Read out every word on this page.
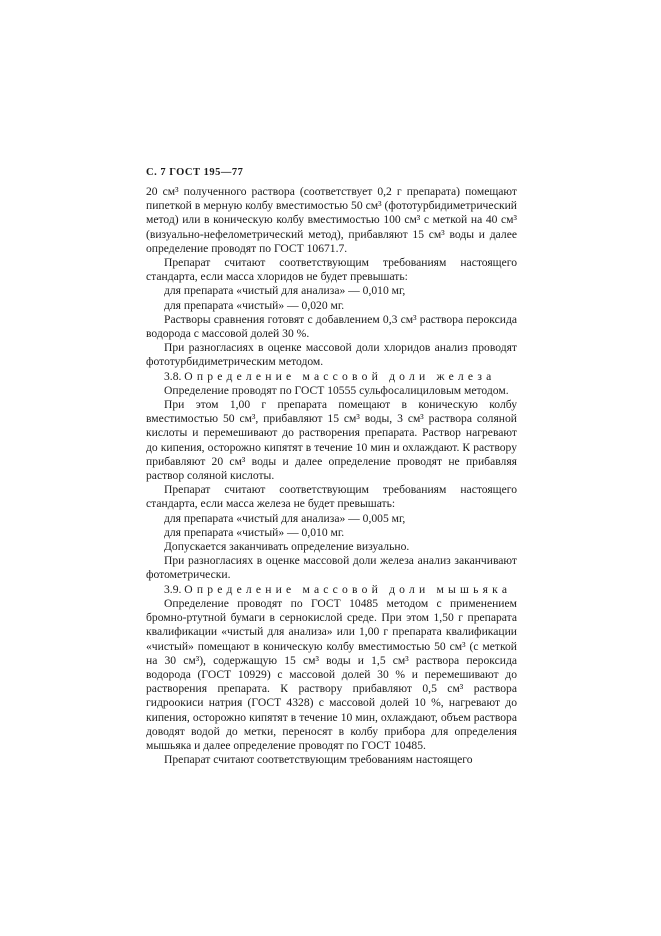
С. 7 ГОСТ 195—77

20 см³ полученного раствора (соответствует 0,2 г препарата) помещают пипеткой в мерную колбу вместимостью 50 см³ (фототурбидиметрический метод) или в коническую колбу вместимостью 100 см³ с меткой на 40 см³ (визуально-нефелометрический метод), прибавляют 15 см³ воды и далее определение проводят по ГОСТ 10671.7.

Препарат считают соответствующим требованиям настоящего стандарта, если масса хлоридов не будет превышать:

для препарата «чистый для анализа» — 0,010 мг,

для препарата «чистый» — 0,020 мг.

Растворы сравнения готовят с добавлением 0,3 см³ раствора пероксида водорода с массовой долей 30 %.

При разногласиях в оценке массовой доли хлоридов анализ проводят фототурбидиметрическим методом.

3.8. Определение массовой доли железа

Определение проводят по ГОСТ 10555 сульфосалициловым методом.

При этом 1,00 г препарата помещают в коническую колбу вместимостью 50 см³, прибавляют 15 см³ воды, 3 см³ раствора соляной кислоты и перемешивают до растворения препарата. Раствор нагревают до кипения, осторожно кипятят в течение 10 мин и охлаждают. К раствору прибавляют 20 см³ воды и далее определение проводят не прибавляя раствор соляной кислоты.

Препарат считают соответствующим требованиям настоящего стандарта, если масса железа не будет превышать:

для препарата «чистый для анализа» — 0,005 мг,

для препарата «чистый» — 0,010 мг.

Допускается заканчивать определение визуально.

При разногласиях в оценке массовой доли железа анализ заканчивают фотометрически.

3.9. Определение массовой доли мышьяка

Определение проводят по ГОСТ 10485 методом с применением бромно-ртутной бумаги в сернокислой среде. При этом 1,50 г препарата квалификации «чистый для анализа» или 1,00 г препарата квалификации «чистый» помещают в коническую колбу вместимостью 50 см³ (с меткой на 30 см³), содержащую 15 см³ воды и 1,5 см³ раствора пероксида водорода (ГОСТ 10929) с массовой долей 30 % и перемешивают до растворения препарата. К раствору прибавляют 0,5 см³ раствора гидроокиси натрия (ГОСТ 4328) с массовой долей 10 %, нагревают до кипения, осторожно кипятят в течение 10 мин, охлаждают, объем раствора доводят водой до метки, переносят в колбу прибора для определения мышьяка и далее определение проводят по ГОСТ 10485.

Препарат считают соответствующим требованиям настоящего
